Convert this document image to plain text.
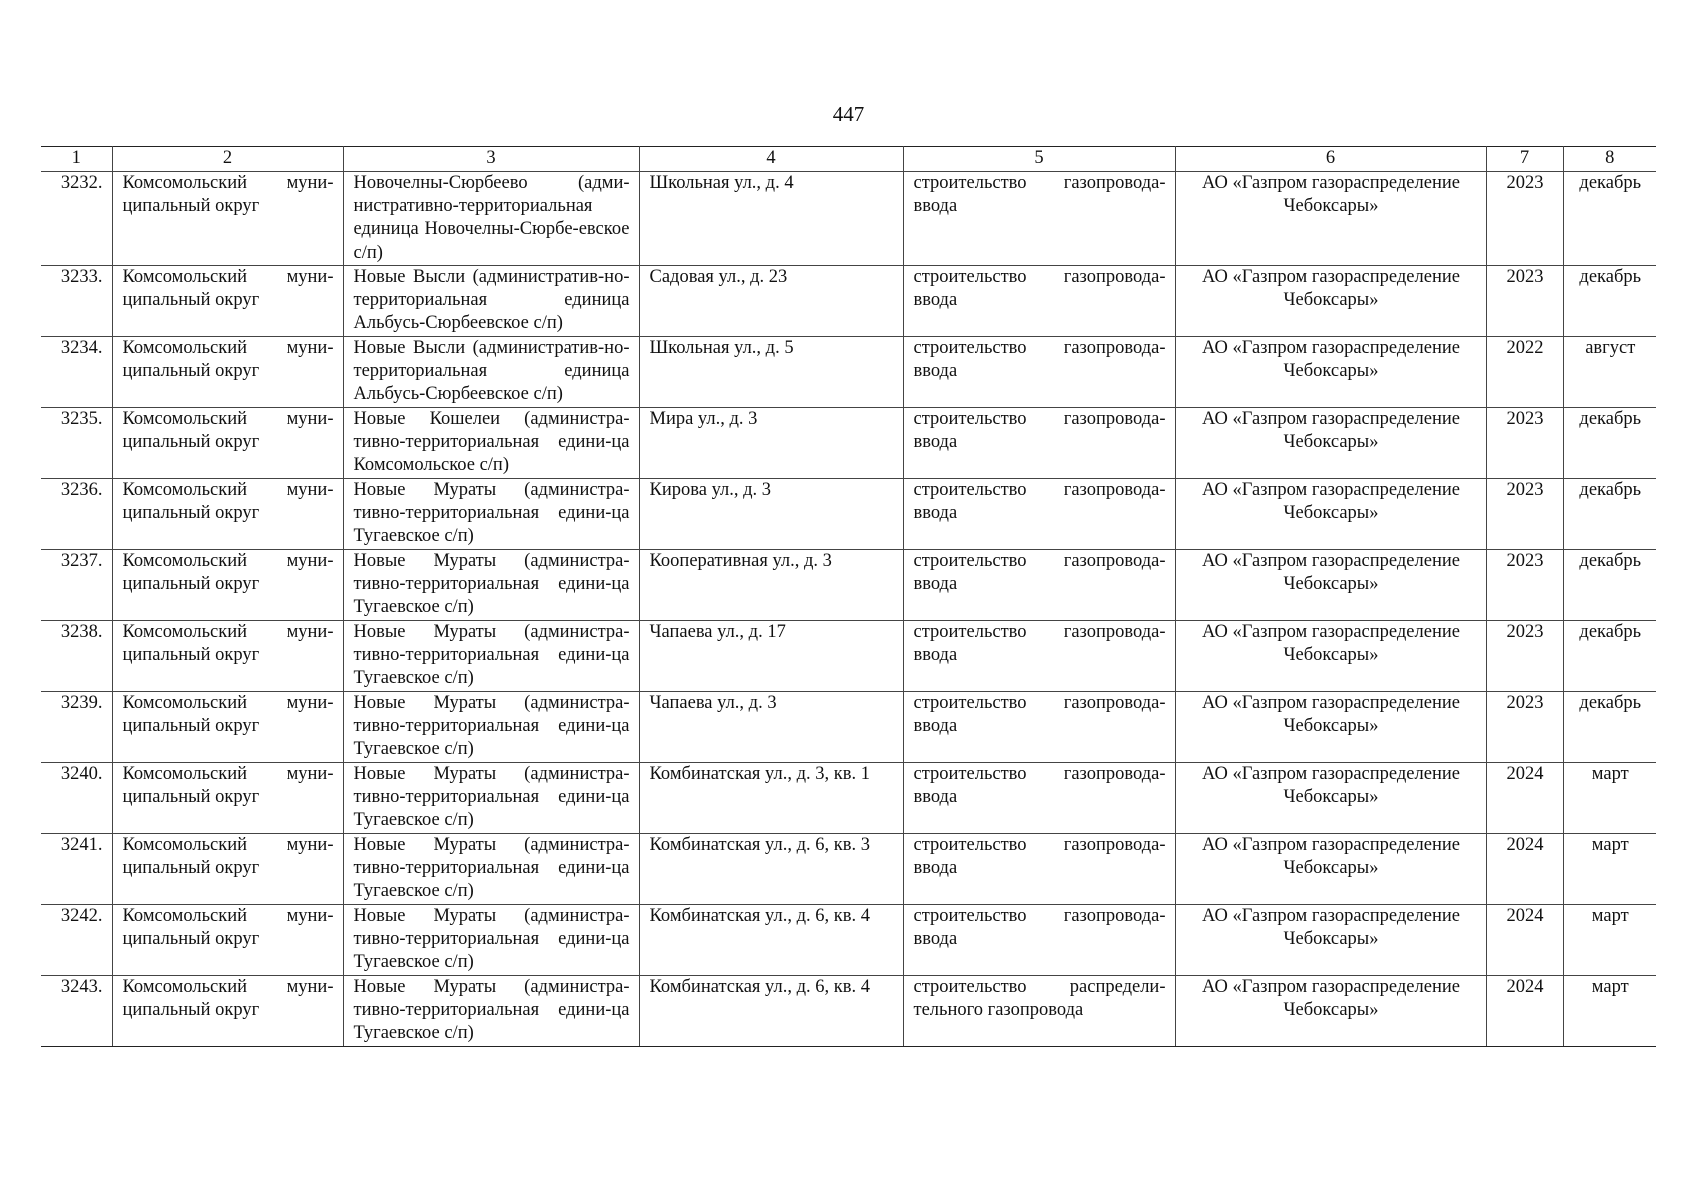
447
1	2	3	4	5	6	7	8
3232.	Комсомольский муни-ципальный округ	Новочелны-Сюрбеево (адми-нистративно-территориальная единица Новочелны-Сюрбе-евское с/п)	Школьная ул., д. 4	строительство газопровода-ввода	АО «Газпром газораспределение Чебоксары»	2023	декабрь
3233.	Комсомольский муни-ципальный округ	Новые Высли (административ-но-территориальная единица Альбусь-Сюрбеевское с/п)	Садовая ул., д. 23	строительство газопровода-ввода	АО «Газпром газораспределение Чебоксары»	2023	декабрь
3234.	Комсомольский муни-ципальный округ	Новые Высли (административ-но-территориальная единица Альбусь-Сюрбеевское с/п)	Школьная ул., д. 5	строительство газопровода-ввода	АО «Газпром газораспределение Чебоксары»	2022	август
3235.	Комсомольский муни-ципальный округ	Новые Кошелеи (администра-тивно-территориальная едини-ца Комсомольское с/п)	Мира ул., д. 3	строительство газопровода-ввода	АО «Газпром газораспределение Чебоксары»	2023	декабрь
3236.	Комсомольский муни-ципальный округ	Новые Мураты (администра-тивно-территориальная едини-ца Тугаевское с/п)	Кирова ул., д. 3	строительство газопровода-ввода	АО «Газпром газораспределение Чебоксары»	2023	декабрь
3237.	Комсомольский муни-ципальный округ	Новые Мураты (администра-тивно-территориальная едини-ца Тугаевское с/п)	Кооперативная ул., д. 3	строительство газопровода-ввода	АО «Газпром газораспределение Чебоксары»	2023	декабрь
3238.	Комсомольский муни-ципальный округ	Новые Мураты (администра-тивно-территориальная едини-ца Тугаевское с/п)	Чапаева ул., д. 17	строительство газопровода-ввода	АО «Газпром газораспределение Чебоксары»	2023	декабрь
3239.	Комсомольский муни-ципальный округ	Новые Мураты (администра-тивно-территориальная едини-ца Тугаевское с/п)	Чапаева ул., д. 3	строительство газопровода-ввода	АО «Газпром газораспределение Чебоксары»	2023	декабрь
3240.	Комсомольский муни-ципальный округ	Новые Мураты (администра-тивно-территориальная едини-ца Тугаевское с/п)	Комбинатская ул., д. 3, кв. 1	строительство газопровода-ввода	АО «Газпром газораспределение Чебоксары»	2024	март
3241.	Комсомольский муни-ципальный округ	Новые Мураты (администра-тивно-территориальная едини-ца Тугаевское с/п)	Комбинатская ул., д. 6, кв. 3	строительство газопровода-ввода	АО «Газпром газораспределение Чебоксары»	2024	март
3242.	Комсомольский муни-ципальный округ	Новые Мураты (администра-тивно-территориальная едини-ца Тугаевское с/п)	Комбинатская ул., д. 6, кв. 4	строительство газопровода-ввода	АО «Газпром газораспределение Чебоксары»	2024	март
3243.	Комсомольский муни-ципальный округ	Новые Мураты (администра-тивно-территориальная едини-ца Тугаевское с/п)	Комбинатская ул., д. 6, кв. 4	строительство распредели-тельного газопровода	АО «Газпром газораспределение Чебоксары»	2024	март
